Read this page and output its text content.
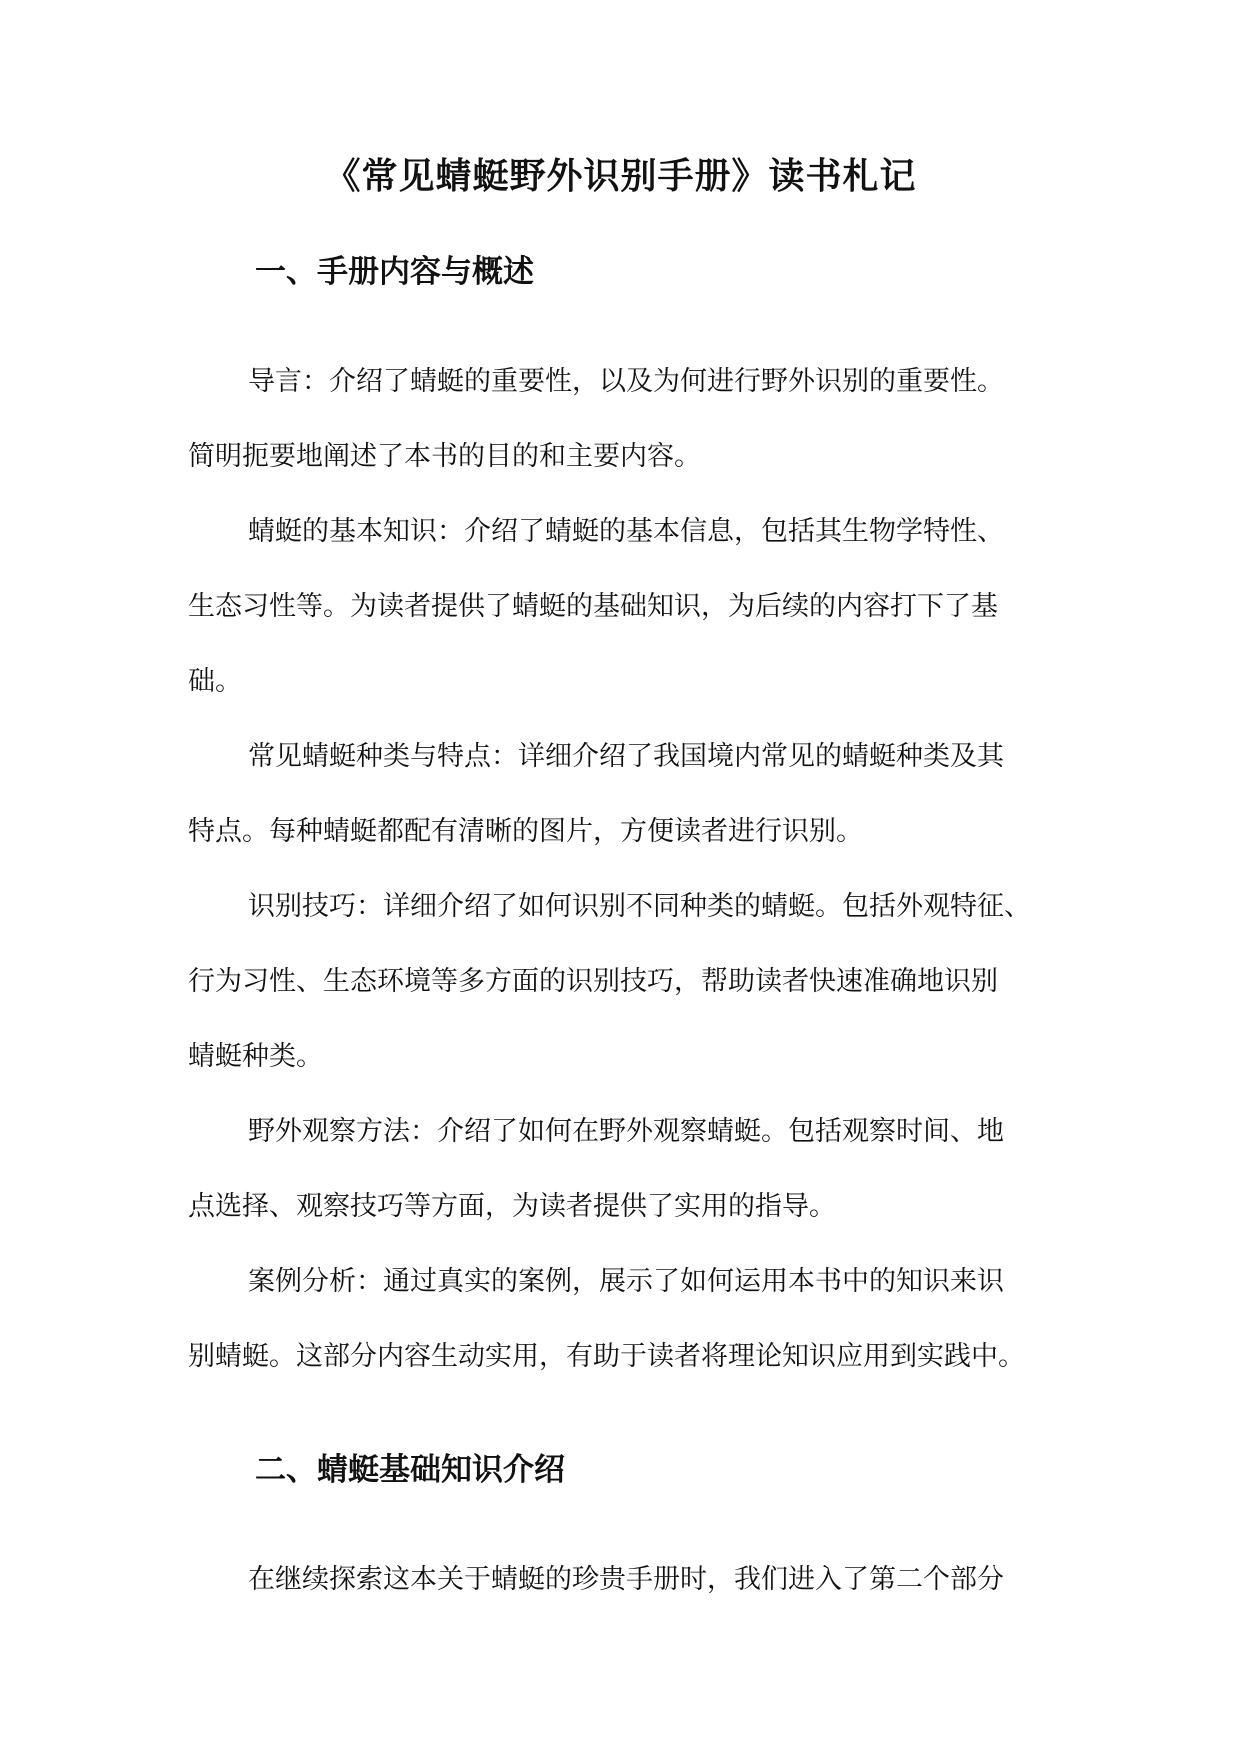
《常见蜻蜓野外识别手册》读书札记
一、手册内容与概述
导言：介绍了蜻蜓的重要性，以及为何进行野外识别的重要性。
简明扼要地阐述了本书的目的和主要内容。
蜻蜓的基本知识：介绍了蜻蜓的基本信息，包括其生物学特性、
生态习性等。为读者提供了蜻蜓的基础知识，为后续的内容打下了基
础。
常见蜻蜓种类与特点：详细介绍了我国境内常见的蜻蜓种类及其
特点。每种蜻蜓都配有清晰的图片，方便读者进行识别。
识别技巧：详细介绍了如何识别不同种类的蜻蜓。包括外观特征、
行为习性、生态环境等多方面的识别技巧，帮助读者快速准确地识别
蜻蜓种类。
野外观察方法：介绍了如何在野外观察蜻蜓。包括观察时间、地
点选择、观察技巧等方面，为读者提供了实用的指导。
案例分析：通过真实的案例，展示了如何运用本书中的知识来识
别蜻蜓。这部分内容生动实用，有助于读者将理论知识应用到实践中。
二、蜻蜓基础知识介绍
在继续探索这本关于蜻蜓的珍贵手册时，我们进入了第二个部分
